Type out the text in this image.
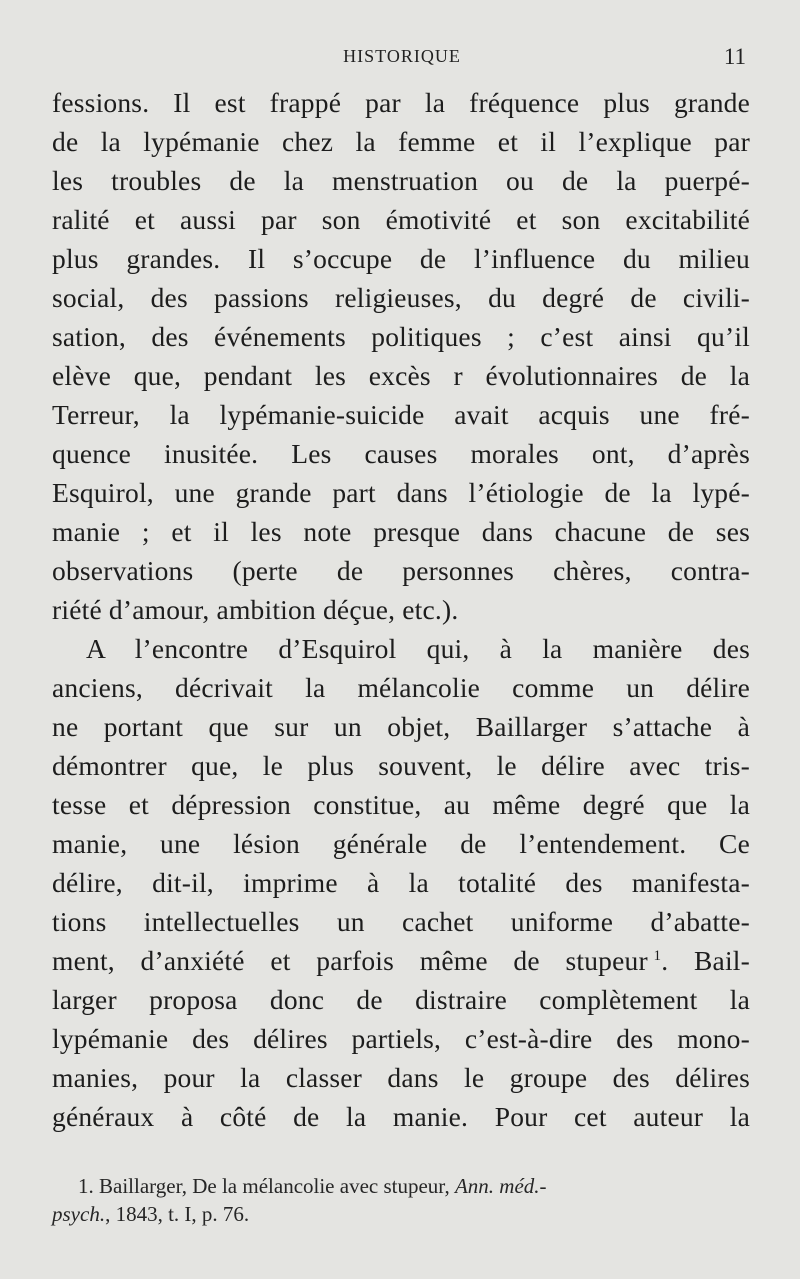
HISTORIQUE	11
fessions. Il est frappé par la fréquence plus grande
de la lypémanie chez la femme et il l’explique par
les troubles de la menstruation ou de la puerpé-
ralité et aussi par son émotivité et son excitabilité
plus grandes. Il s’occupe de l’influence du milieu
social, des passions religieuses, du degré de civili-
sation, des événements politiques ; c’est ainsi qu’il
elève que, pendant les excès r évolutionnaires de la
Terreur, la lypémanie-suicide avait acquis une fré-
quence inusitée. Les causes morales ont, d’après
Esquirol, une grande part dans l’étiologie de la lypé-
manie ; et il les note presque dans chacune de ses
observations (perte de personnes chères, contra-
riété d’amour, ambition déçue, etc.).
A l’encontre d’Esquirol qui, à la manière des
anciens, décrivait la mélancolie comme un délire
ne portant que sur un objet, Baillarger s’attache à
démontrer que, le plus souvent, le délire avec tris-
tesse et dépression constitue, au même degré que la
manie, une lésion générale de l’entendement. Ce
délire, dit-il, imprime à la totalité des manifesta-
tions intellectuelles un cachet uniforme d’abatte-
ment, d’anxiété et parfois même de stupeur  $^1$. Bail-
larger proposa donc de distraire complètement la
lypémanie des délires partiels, c’est-à-dire des mono-
manies, pour la classer dans le groupe des délires
généraux à côté de la manie. Pour cet auteur la
1. Baillarger, De la mélancolie avec stupeur, Ann. méd.-
psych., 1843, t. I, p. 76.
